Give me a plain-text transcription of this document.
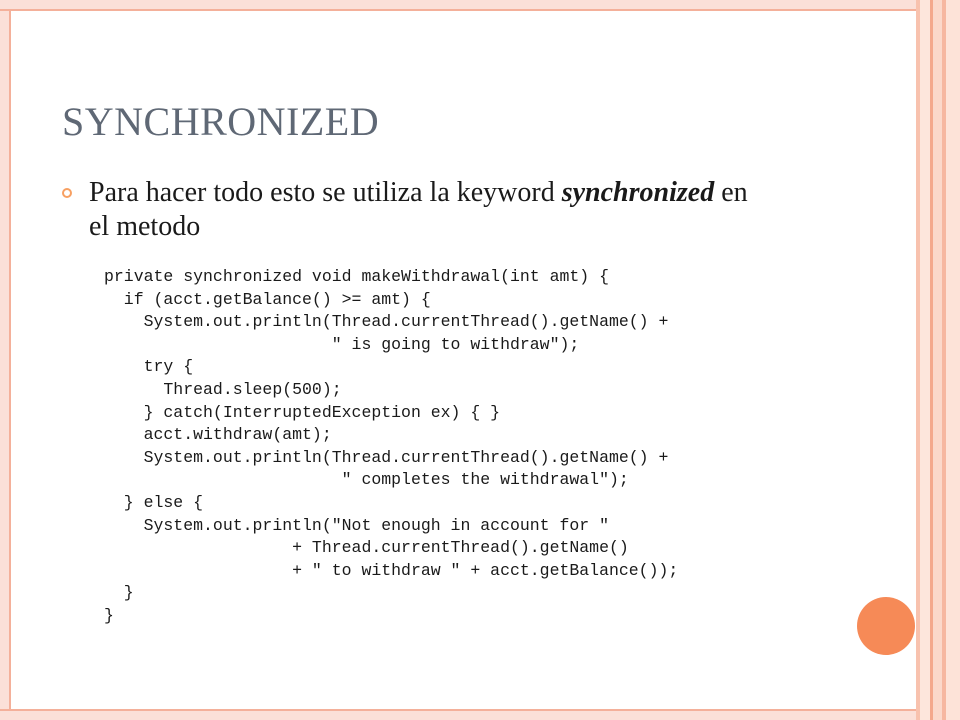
SYNCHRONIZED
Para hacer todo esto se utiliza la keyword synchronized en el metodo
private synchronized void makeWithdrawal(int amt) {
if (acct.getBalance() >= amt) {
System.out.println(Thread.currentThread().getName() +
" is going to withdraw");
try {
Thread.sleep(500);
} catch(InterruptedException ex) { }
acct.withdraw(amt);
System.out.println(Thread.currentThread().getName() +
" completes the withdrawal");
} else {
System.out.println("Not enough in account for "
+ Thread.currentThread().getName()
+ " to withdraw " + acct.getBalance());
}
}
